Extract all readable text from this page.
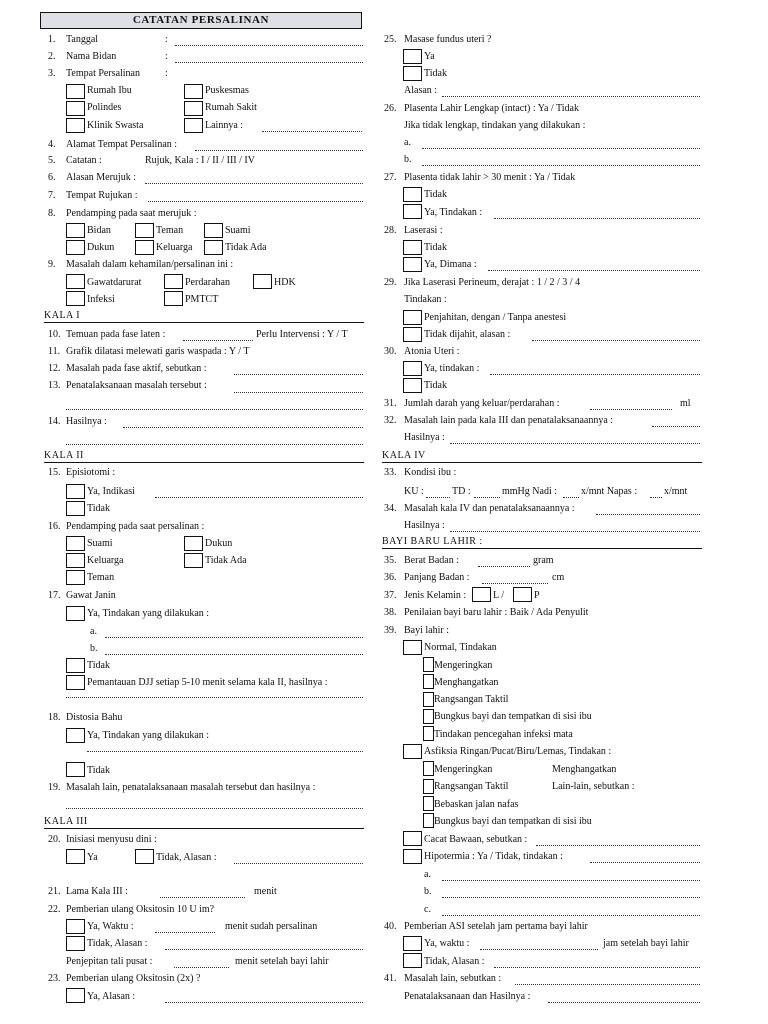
CATATAN PERSALINAN
1. Tanggal	:
2. Nama Bidan	:
3. Tempat Persalinan	:
Rumah Ibu	Puskesmas
Polindes	Rumah Sakit
Klinik Swasta	Lainnya :
4. Alamat Tempat Persalinan :
5. Catatan :	Rujuk, Kala : I / II / III / IV
6. Alasan Merujuk :
7. Tempat Rujukan :
8. Pendamping pada saat merujuk :
Bidan	Teman	Suami
Dukun	Keluarga	Tidak Ada
9. Masalah dalam kehamilan/persalinan ini :
Gawatdarurat	Perdarahan	HDK
Infeksi	PMTCT
KALA I
10. Temuan pada fase laten :	Perlu Intervensi : Y / T
11. Grafik dilatasi melewati garis waspada : Y / T
12. Masalah pada fase aktif, sebutkan :
13. Penatalaksanaan masalah tersebut :
14. Hasilnya :
KALA II
15. Episiotomi :
Ya, Indikasi
Tidak
16. Pendamping pada saat persalinan :
Suami	Dukun
Keluarga	Tidak Ada
Teman
17. Gawat Janin
Ya, Tindakan yang dilakukan :
a.
b.
Tidak
Pemantauan DJJ setiap 5-10 menit selama kala II, hasilnya :
18. Distosia Bahu
Ya, Tindakan yang dilakukan :
Tidak
19. Masalah lain, penatalaksanaan masalah tersebut dan hasilnya :
KALA III
20. Inisiasi menyusu dini :
Ya	Tidak, Alasan :
21. Lama Kala III :	menit
22. Pemberian ulang Oksitosin 10 U im?
Ya, Waktu :	menit sudah persalinan
Tidak, Alasan :
Penjepitan tali pusat :	menit setelah bayi lahir
23. Pemberian ulang Oksitosin (2x) ?
Ya, Alasan :
25. Masase fundus uteri ?
Ya
Tidak
Alasan :
26. Plasenta Lahir Lengkap (intact) : Ya / Tidak
Jika tidak lengkap, tindakan yang dilakukan :
a.
b.
27. Plasenta tidak lahir > 30 menit : Ya / Tidak
Tidak
Ya, Tindakan :
28. Laserasi :
Tidak
Ya, Dimana :
29. Jika Laserasi Perineum, derajat : 1 / 2 / 3 / 4
Tindakan :
Penjahitan, dengan / Tanpa anestesi
Tidak dijahit, alasan :
30. Atonia Uteri :
Ya, tindakan :
Tidak
31. Jumlah darah yang keluar/perdarahan :	ml
32. Masalah lain pada kala III dan penatalaksanaannya :
Hasilnya :
KALA IV
33. Kondisi ibu :
KU :	TD :	mmHg Nadi : x/mnt Napas :	x/mnt
34. Masalah kala IV dan penatalaksanaannya :
Hasilnya :
BAYI BARU LAHIR :
35. Berat Badan :	gram
36. Panjang Badan :	cm
37. Jenis Kelamin :	L /	P
38. Penilaian bayi baru lahir : Baik / Ada Penyulit
39. Bayi lahir :
Normal, Tindakan
Mengeringkan
Menghangatkan
Rangsangan Taktil
Bungkus bayi dan tempatkan di sisi ibu
Tindakan pencegahan infeksi mata
Asfiksia Ringan/Pucat/Biru/Lemas, Tindakan :
Mengeringkan	Menghangatkan
Rangsangan Taktil	Lain-lain, sebutkan :
Bebaskan jalan nafas
Bungkus bayi dan tempatkan di sisi ibu
Cacat Bawaan, sebutkan :
Hipotermia : Ya / Tidak, tindakan :
a.
b.
c.
40. Pemberian ASI setelah jam pertama bayi lahir
Ya, waktu :	jam setelah bayi lahir
Tidak, Alasan :
41. Masalah lain, sebutkan :
Penatalaksanaan dan Hasilnya :
